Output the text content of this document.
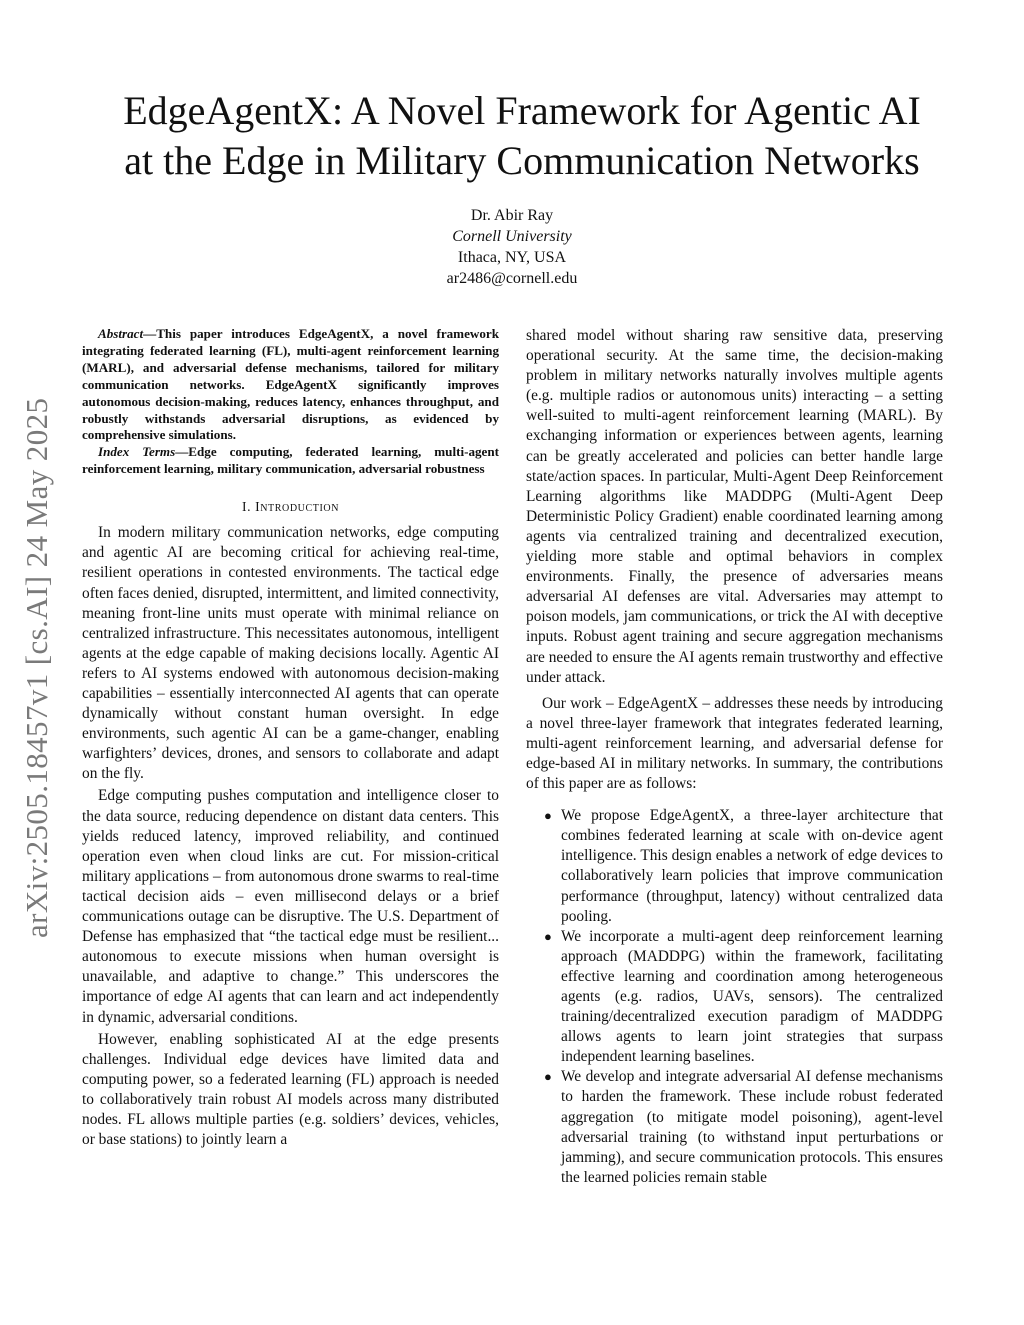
arXiv:2505.18457v1 [cs.AI] 24 May 2025
EdgeAgentX: A Novel Framework for Agentic AI
at the Edge in Military Communication Networks
Dr. Abir Ray
Cornell University
Ithaca, NY, USA
ar2486@cornell.edu

Abstract—This paper introduces EdgeAgentX, a novel framework integrating federated learning (FL), multi-agent reinforcement learning (MARL), and adversarial defense mechanisms, tailored for military communication networks. EdgeAgentX significantly improves autonomous decision-making, reduces latency, enhances throughput, and robustly withstands adversarial disruptions, as evidenced by comprehensive simulations.

Index Terms—Edge computing, federated learning, multi-agent reinforcement learning, military communication, adversarial robustness

I. Introduction

In modern military communication networks, edge computing and agentic AI are becoming critical for achieving real-time, resilient operations in contested environments. The tactical edge often faces denied, disrupted, intermittent, and limited connectivity, meaning front-line units must operate with minimal reliance on centralized infrastructure. This necessitates autonomous, intelligent agents at the edge capable of making decisions locally. Agentic AI refers to AI systems endowed with autonomous decision-making capabilities – essentially interconnected AI agents that can operate dynamically without constant human oversight. In edge environments, such agentic AI can be a game-changer, enabling warfighters’ devices, drones, and sensors to collaborate and adapt on the fly.

Edge computing pushes computation and intelligence closer to the data source, reducing dependence on distant data centers. This yields reduced latency, improved reliability, and continued operation even when cloud links are cut. For mission-critical military applications – from autonomous drone swarms to real-time tactical decision aids – even millisecond delays or a brief communications outage can be disruptive. The U.S. Department of Defense has emphasized that “the tactical edge must be resilient... autonomous to execute missions when human oversight is unavailable, and adaptive to change.” This underscores the importance of edge AI agents that can learn and act independently in dynamic, adversarial conditions.

However, enabling sophisticated AI at the edge presents challenges. Individual edge devices have limited data and computing power, so a federated learning (FL) approach is needed to collaboratively train robust AI models across many distributed nodes. FL allows multiple parties (e.g. soldiers’ devices, vehicles, or base stations) to jointly learn a

shared model without sharing raw sensitive data, preserving operational security. At the same time, the decision-making problem in military networks naturally involves multiple agents (e.g. multiple radios or autonomous units) interacting – a setting well-suited to multi-agent reinforcement learning (MARL). By exchanging information or experiences between agents, learning can be greatly accelerated and policies can better handle large state/action spaces. In particular, Multi-Agent Deep Reinforcement Learning algorithms like MADDPG (Multi-Agent Deep Deterministic Policy Gradient) enable coordinated learning among agents via centralized training and decentralized execution, yielding more stable and optimal behaviors in complex environments. Finally, the presence of adversaries means adversarial AI defenses are vital. Adversaries may attempt to poison models, jam communications, or trick the AI with deceptive inputs. Robust agent training and secure aggregation mechanisms are needed to ensure the AI agents remain trustworthy and effective under attack.

Our work – EdgeAgentX – addresses these needs by introducing a novel three-layer framework that integrates federated learning, multi-agent reinforcement learning, and adversarial defense for edge-based AI in military networks. In summary, the contributions of this paper are as follows:

● We propose EdgeAgentX, a three-layer architecture that combines federated learning at scale with on-device agent intelligence. This design enables a network of edge devices to collaboratively learn policies that improve communication performance (throughput, latency) without centralized data pooling.
● We incorporate a multi-agent deep reinforcement learning approach (MADDPG) within the framework, facilitating effective learning and coordination among heterogeneous agents (e.g. radios, UAVs, sensors). The centralized training/decentralized execution paradigm of MADDPG allows agents to learn joint strategies that surpass independent learning baselines.
● We develop and integrate adversarial AI defense mechanisms to harden the framework. These include robust federated aggregation (to mitigate model poisoning), agent-level adversarial training (to withstand input perturbations or jamming), and secure communication protocols. This ensures the learned policies remain stable
